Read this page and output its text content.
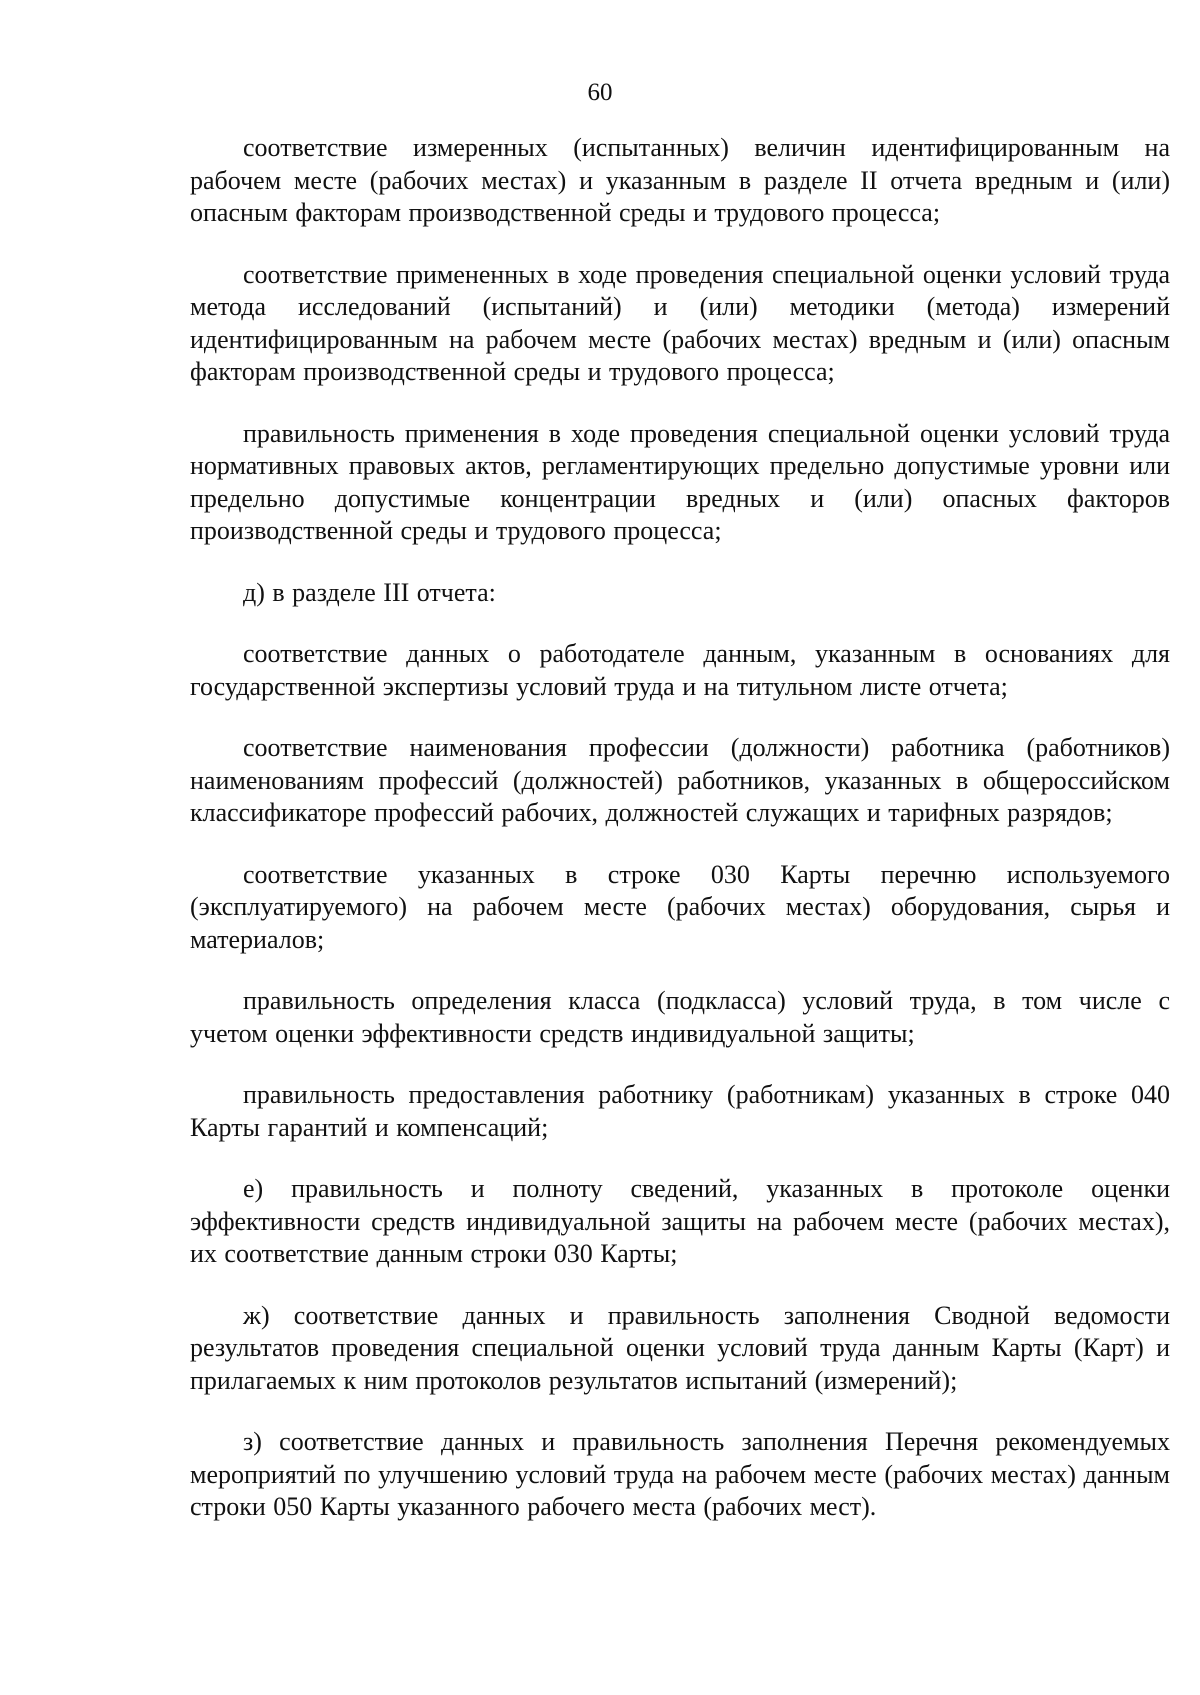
60

соответствие измеренных (испытанных) величин идентифицированным на рабочем месте (рабочих местах) и указанным в разделе II отчета вредным и (или) опасным факторам производственной среды и трудового процесса;

соответствие примененных в ходе проведения специальной оценки условий труда метода исследований (испытаний) и (или) методики (метода) измерений идентифицированным на рабочем месте (рабочих местах) вредным и (или) опасным факторам производственной среды и трудового процесса;

правильность применения в ходе проведения специальной оценки условий труда нормативных правовых актов, регламентирующих предельно допустимые уровни или предельно допустимые концентрации вредных и (или) опасных факторов производственной среды и трудового процесса;

д) в разделе III отчета:

соответствие данных о работодателе данным, указанным в основаниях для государственной экспертизы условий труда и на титульном листе отчета;

соответствие наименования профессии (должности) работника (работников) наименованиям профессий (должностей) работников, указанных в общероссийском классификаторе профессий рабочих, должностей служащих и тарифных разрядов;

соответствие указанных в строке 030 Карты перечню используемого (эксплуатируемого) на рабочем месте (рабочих местах) оборудования, сырья и материалов;

правильность определения класса (подкласса) условий труда, в том числе с учетом оценки эффективности средств индивидуальной защиты;

правильность предоставления работнику (работникам) указанных в строке 040 Карты гарантий и компенсаций;

е) правильность и полноту сведений, указанных в протоколе оценки эффективности средств индивидуальной защиты на рабочем месте (рабочих местах), их соответствие данным строки 030 Карты;

ж) соответствие данных и правильность заполнения Сводной ведомости результатов проведения специальной оценки условий труда данным Карты (Карт) и прилагаемых к ним протоколов результатов испытаний (измерений);

з) соответствие данных и правильность заполнения Перечня рекомендуемых мероприятий по улучшению условий труда на рабочем месте (рабочих местах) данным строки 050 Карты указанного рабочего места (рабочих мест).
